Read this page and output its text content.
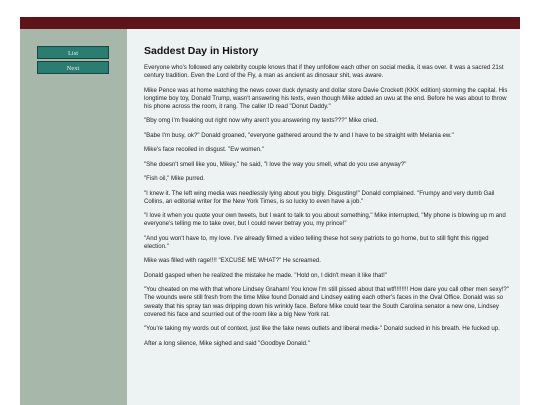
List
Next
Saddest Day in History

Everyone who's followed any celebrity couple knows that if they unfollow each other on social media, it was over. It was a sacred 21st century tradition. Even the Lord of the Fly, a man as ancient as dinosaur shit, was aware.

Mike Pence was at home watching the news cover duck dynasty and dollar store Davie Crockett (KKK edition) storming the capital. His longtime boy toy, Donald Trump, wasn't answering his texts, even though Mike added an uwu at the end. Before he was about to throw his phone across the room, it rang. The caller ID read "Donut Daddy."

"Bby omg I'm freaking out right now why aren't you answering my texts???" Mike cried.

"Babe I'm busy, ok?" Donald groaned, "everyone gathered around the tv and I have to be straight with Melania ew."

Mike's face recoiled in disgust. "Ew women."

"She doesn't smell like you, Mikey," he said, "I love the way you smell, what do you use anyway?"

"Fish oil," Mike purred.

"I knew it. The left wing media was needlessly lying about you bigly. Disgusting!" Donald complained. "Frumpy and very dumb Gail Collins, an editorial writer for the New York Times, is so lucky to even have a job."

"I love it when you quote your own tweets, but I want to talk to you about something," Mike interrupted, "My phone is blowing up m and everyone's telling me to take over, but I could never betray you, my prince!"

"And you won't have to, my love. I've already filmed a video telling these hot sexy patriots to go home, but to still fight this rigged election."

Mike was filled with rage!!!! "EXCUSE ME WHAT?" He screamed.

Donald gasped when he realized the mistake he made. "Hold on, I didn't mean it like that!"

"You cheated on me with that whore Lindsey Graham! You know I'm still pissed about that wtf!!!!!!!! How dare you call other men sexy!?" The wounds were still fresh from the time Mike found Donald and Lindsey eating each other's faces in the Oval Office. Donald was so sweaty that his spray tan was dripping down his wrinkly face. Before Mike could tear the South Carolina senator a new one, Lindsey covered his face and scurried out of the room like a big New York rat.

"You're taking my words out of context, just like the fake news outlets and liberal media-" Donald sucked in his breath. He fucked up.

After a long silence, Mike sighed and said "Goodbye Donald."
